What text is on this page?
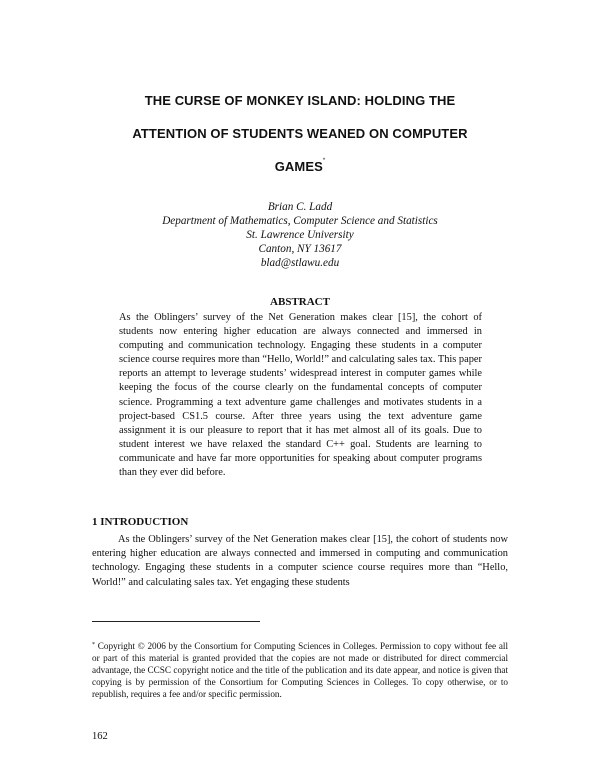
THE CURSE OF MONKEY ISLAND: HOLDING THE
ATTENTION OF STUDENTS WEANED ON COMPUTER
GAMES*
Brian C. Ladd
Department of Mathematics, Computer Science and Statistics
St. Lawrence University
Canton, NY 13617
blad@stlawu.edu
ABSTRACT

As the Oblingers’ survey of the Net Generation makes clear [15], the cohort of students now entering higher education are always connected and immersed in computing and communication technology. Engaging these students in a computer science course requires more than “Hello, World!” and calculating sales tax. This paper reports an attempt to leverage students’ widespread interest in computer games while keeping the focus of the course clearly on the fundamental concepts of computer science. Programming a text adventure game challenges and motivates students in a project-based CS1.5 course. After three years using the text adventure game assignment it is our pleasure to report that it has met almost all of its goals. Due to student interest we have relaxed the standard C++ goal. Students are learning to communicate and have far more opportunities for speaking about computer programs than they ever did before.

1 INTRODUCTION

As the Oblingers’ survey of the Net Generation makes clear [15], the cohort of students now entering higher education are always connected and immersed in computing and communication technology. Engaging these students in a computer science course requires more than “Hello, World!” and calculating sales tax. Yet engaging these students

* Copyright © 2006 by the Consortium for Computing Sciences in Colleges. Permission to copy without fee all or part of this material is granted provided that the copies are not made or distributed for direct commercial advantage, the CCSC copyright notice and the title of the publication and its date appear, and notice is given that copying is by permission of the Consortium for Computing Sciences in Colleges. To copy otherwise, or to republish, requires a fee and/or specific permission.

162
